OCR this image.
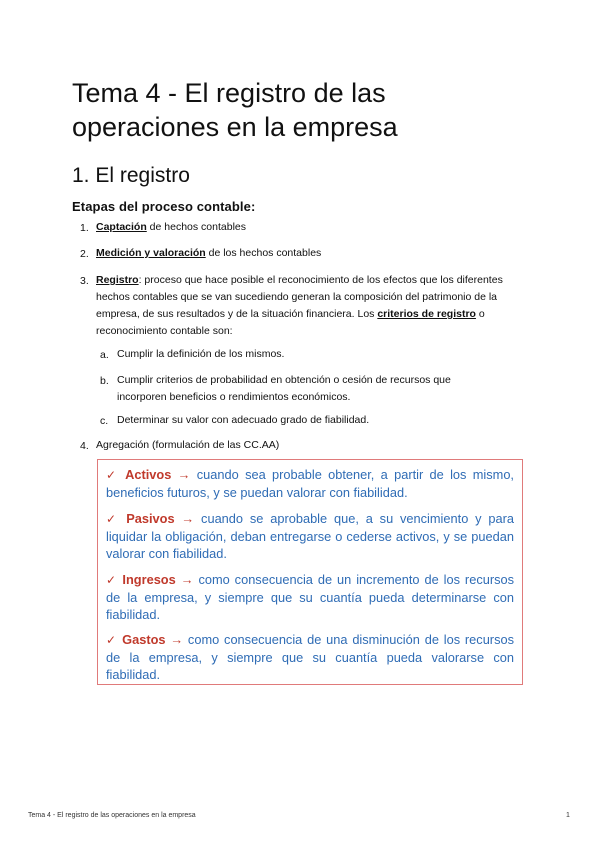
Tema 4 - El registro de las
operaciones en la empresa
1. El registro
Etapas del proceso contable:
1. Captación de hechos contables
2. Medición y valoración de los hechos contables
3. Registro: proceso que hace posible el reconocimiento de los efectos que los diferentes hechos contables que se van sucediendo generan la composición del patrimonio de la empresa, de sus resultados y de la situación financiera. Los criterios de registro o reconocimiento contable son:
a. Cumplir la definición de los mismos.
b. Cumplir criterios de probabilidad en obtención o cesión de recursos que incorporen beneficios o rendimientos económicos.
c. Determinar su valor con adecuado grado de fiabilidad.
4. Agregación (formulación de las CC.AA)
✓ Activos → cuando sea probable obtener, a partir de los mismo, beneficios futuros, y se puedan valorar con fiabilidad.
✓ Pasivos → cuando se aprobable que, a su vencimiento y para liquidar la obligación, deban entregarse o cederse activos, y se puedan valorar con fiabilidad.
✓ Ingresos → como consecuencia de un incremento de los recursos de la empresa, y siempre que su cuantía pueda determinarse con fiabilidad.
✓ Gastos → como consecuencia de una disminución de los recursos de la empresa, y siempre que su cuantía pueda valorarse con fiabilidad.
Tema 4 - El registro de las operaciones en la empresa	1
